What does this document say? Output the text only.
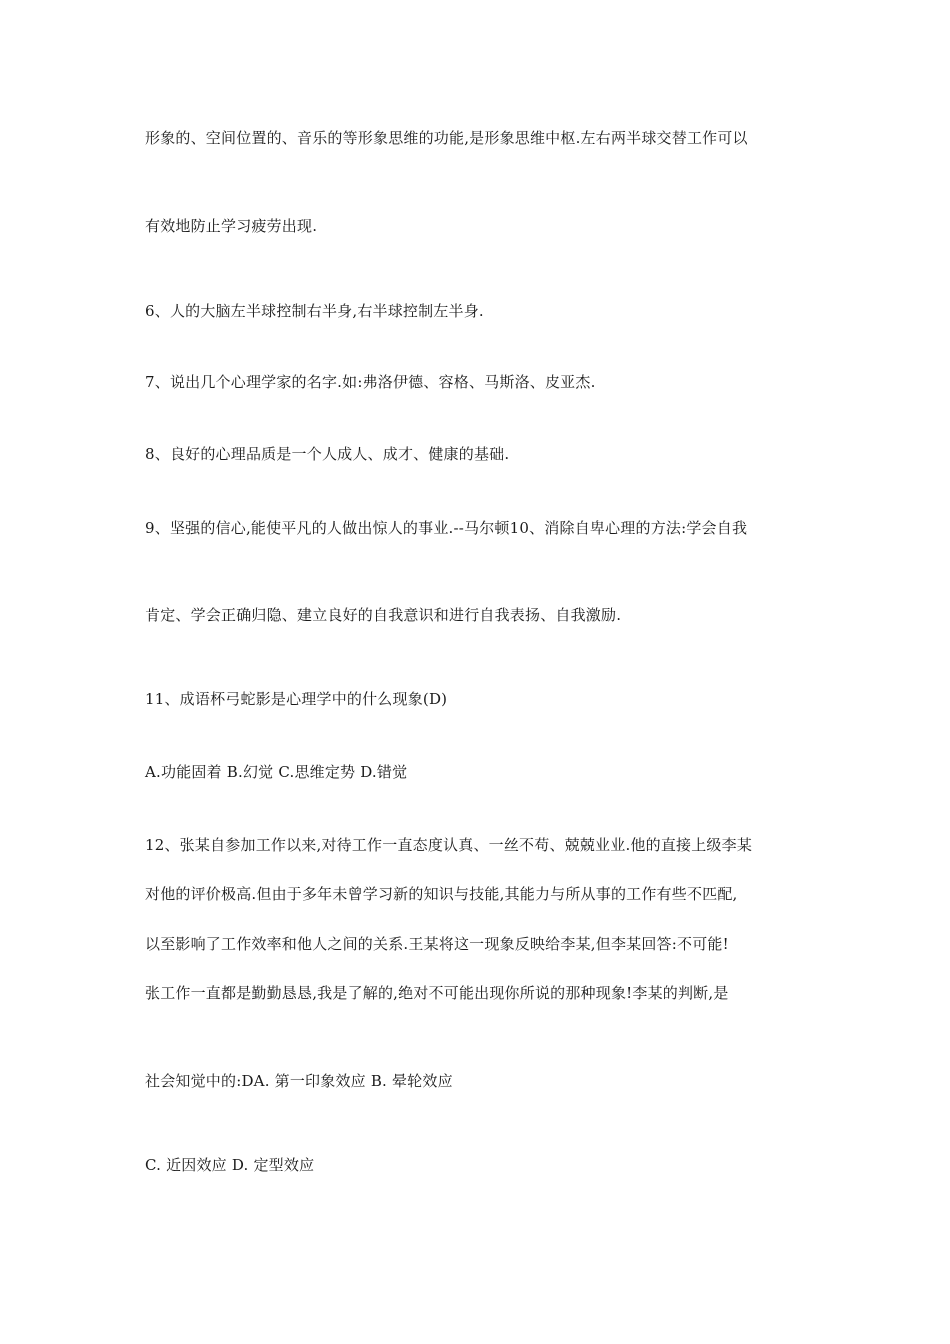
形象的、空间位置的、音乐的等形象思维的功能,是形象思维中枢.左右两半球交替工作可以
有效地防止学习疲劳出现.
6、人的大脑左半球控制右半身,右半球控制左半身.
7、说出几个心理学家的名字.如:弗洛伊德、容格、马斯洛、皮亚杰.
8、良好的心理品质是一个人成人、成才、健康的基础.
9、坚强的信心,能使平凡的人做出惊人的事业.--马尔顿10、消除自卑心理的方法:学会自我
肯定、学会正确归隐、建立良好的自我意识和进行自我表扬、自我激励.
11、成语杯弓蛇影是心理学中的什么现象(D)
A.功能固着 B.幻觉 C.思维定势 D.错觉
12、张某自参加工作以来,对待工作一直态度认真、一丝不苟、兢兢业业.他的直接上级李某
对他的评价极高.但由于多年未曾学习新的知识与技能,其能力与所从事的工作有些不匹配,
以至影响了工作效率和他人之间的关系.王某将这一现象反映给李某,但李某回答:不可能!
张工作一直都是勤勤恳恳,我是了解的,绝对不可能出现你所说的那种现象!李某的判断,是
社会知觉中的:DA. 第一印象效应 B. 晕轮效应
C. 近因效应 D. 定型效应
